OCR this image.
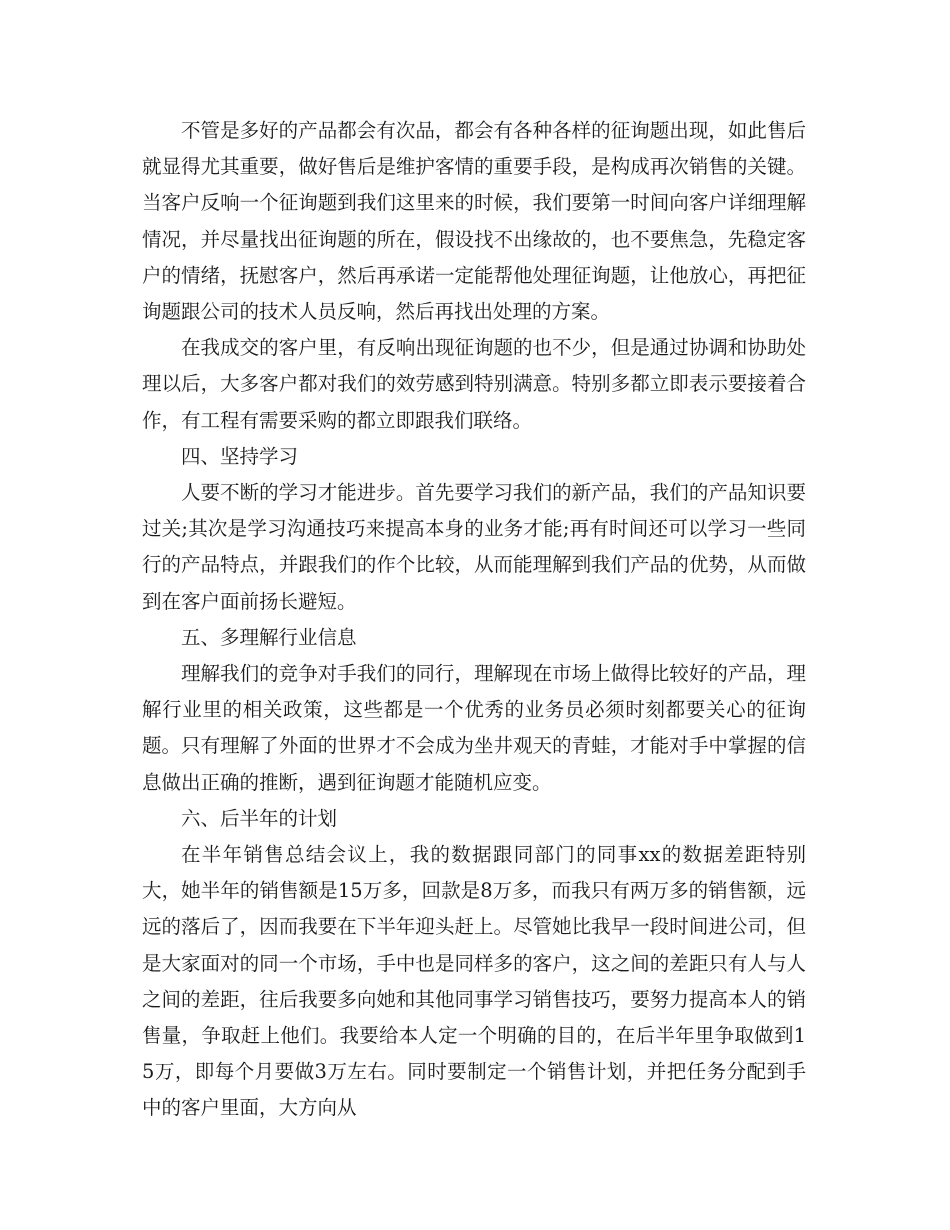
不管是多好的产品都会有次品，都会有各种各样的征询题出现，如此售后就显得尤其重要，做好售后是维护客情的重要手段，是构成再次销售的关键。当客户反响一个征询题到我们这里来的时候，我们要第一时间向客户详细理解情况，并尽量找出征询题的所在，假设找不出缘故的，也不要焦急，先稳定客户的情绪，抚慰客户，然后再承诺一定能帮他处理征询题，让他放心，再把征询题跟公司的技术人员反响，然后再找出处理的方案。

在我成交的客户里，有反响出现征询题的也不少，但是通过协调和协助处理以后，大多客户都对我们的效劳感到特别满意。特别多都立即表示要接着合作，有工程有需要采购的都立即跟我们联络。

四、坚持学习

人要不断的学习才能进步。首先要学习我们的新产品，我们的产品知识要过关;其次是学习沟通技巧来提高本身的业务才能;再有时间还可以学习一些同行的产品特点，并跟我们的作个比较，从而能理解到我们产品的优势，从而做到在客户面前扬长避短。

五、多理解行业信息

理解我们的竞争对手我们的同行，理解现在市场上做得比较好的产品，理解行业里的相关政策，这些都是一个优秀的业务员必须时刻都要关心的征询题。只有理解了外面的世界才不会成为坐井观天的青蛙，才能对手中掌握的信息做出正确的推断，遇到征询题才能随机应变。

六、后半年的计划

在半年销售总结会议上，我的数据跟同部门的同事xx的数据差距特别大，她半年的销售额是15万多，回款是8万多，而我只有两万多的销售额，远远的落后了，因而我要在下半年迎头赶上。尽管她比我早一段时间进公司，但是大家面对的同一个市场，手中也是同样多的客户，这之间的差距只有人与人之间的差距，往后我要多向她和其他同事学习销售技巧，要努力提高本人的销售量，争取赶上他们。我要给本人定一个明确的目的，在后半年里争取做到15万，即每个月要做3万左右。同时要制定一个销售计划，并把任务分配到手中的客户里面，大方向从
